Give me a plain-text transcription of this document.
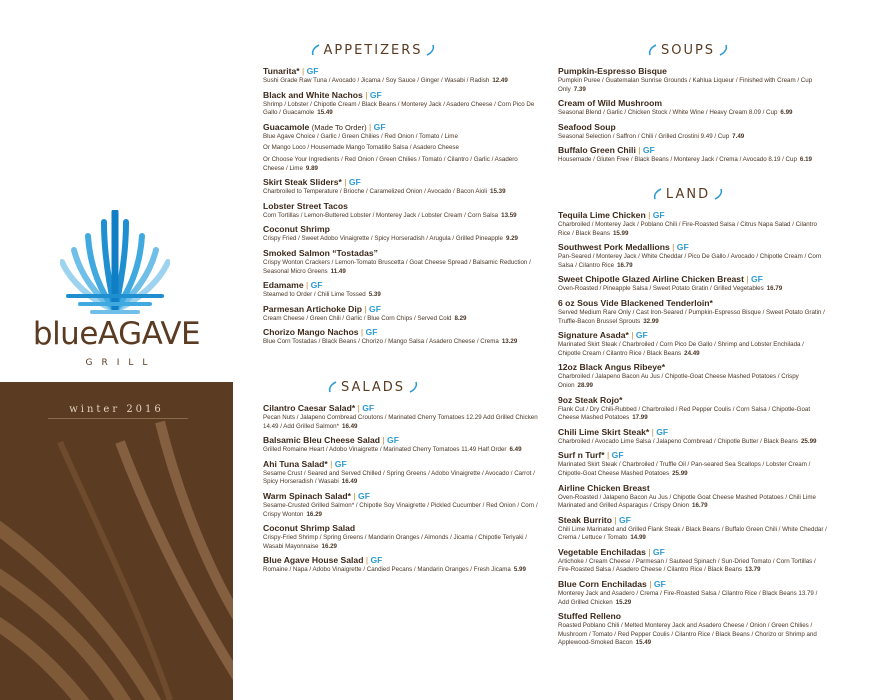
blueAGAVE
GRILL
winter 2016
APPETIZERS
Tunarita* | GF
Sushi Grade Raw Tuna / Avocado / Jicama / Soy Sauce / Ginger / Wasabi / Radish 12.49
Black and White Nachos | GF
Shrimp / Lobster / Chipotle Cream / Black Beans / Monterey Jack / Asadero Cheese / Corn Pico De Gallo / Guacamole 15.49
Guacamole (Made To Order) | GF
Blue Agave Choice / Garlic / Green Chilies / Red Onion / Tomato / Lime
Or Mango Loco / Housemade Mango Tomatillo Salsa / Asadero Cheese
Or Choose Your Ingredients / Red Onion / Green Chilies / Tomato / Cilantro / Garlic / Asadero Cheese / Lime 9.89
Skirt Steak Sliders* | GF
Charbroiled to Temperature / Brioche / Caramelized Onion / Avocado / Bacon Aioli 15.39
Lobster Street Tacos
Corn Tortillas / Lemon-Buttered Lobster / Monterey Jack / Lobster Cream / Corn Salsa 13.59
Coconut Shrimp
Crispy Fried / Sweet Adobo Vinaigrette / Spicy Horseradish / Arugula / Grilled Pineapple 9.29
Smoked Salmon “Tostadas”
Crispy Wonton Crackers / Lemon-Tomato Bruscetta / Goat Cheese Spread / Balsamic Reduction / Seasonal Micro Greens 11.49
Edamame | GF
Steamed to Order / Chili Lime Tossed 5.39
Parmesan Artichoke Dip | GF
Cream Cheese / Green Chili / Garlic / Blue Corn Chips / Served Cold 8.29
Chorizo Mango Nachos | GF
Blue Corn Tostadas / Black Beans / Chorizo / Mango Salsa / Asadero Cheese / Crema 13.29
SALADS
Cilantro Caesar Salad* | GF
Pecan Nuts / Jalapeno Cornbread Croutons / Marinated Cherry Tomatoes 12.29 Add Grilled Chicken 14.49 / Add Grilled Salmon* 16.49
Balsamic Bleu Cheese Salad | GF
Grilled Romaine Heart / Adobo Vinaigrette / Marinated Cherry Tomatoes 11.49 Half Order 6.49
Ahi Tuna Salad* | GF
Sesame Crust / Seared and Served Chilled / Spring Greens / Adobo Vinaigrette / Avocado / Carrot / Spicy Horseradish / Wasabi 16.49
Warm Spinach Salad* | GF
Sesame-Crusted Grilled Salmon* / Chipotle Soy Vinaigrette / Pickled Cucumber / Red Onion / Corn / Crispy Wonton 16.29
Coconut Shrimp Salad
Crispy-Fried Shrimp / Spring Greens / Mandarin Oranges / Almonds / Jicama / Chipotle Teriyaki / Wasabi Mayonnaise 16.29
Blue Agave House Salad | GF
Romaine / Napa / Adobo Vinaigrette / Candied Pecans / Mandarin Oranges / Fresh Jicama 5.99
SOUPS
Pumpkin-Espresso Bisque
Pumpkin Puree / Guatemalan Sunrise Grounds / Kahlua Liqueur / Finished with Cream / Cup Only 7.39
Cream of Wild Mushroom
Seasonal Blend / Garlic / Chicken Stock / White Wine / Heavy Cream 8.09 / Cup 6.99
Seafood Soup
Seasonal Selection / Saffron / Chili / Grilled Crostini 9.49 / Cup 7.49
Buffalo Green Chili | GF
Housemade / Gluten Free / Black Beans / Monterey Jack / Crema / Avocado 8.19 / Cup 6.19
LAND
Tequila Lime Chicken | GF
Charbroiled / Monterey Jack / Poblano Chili / Fire-Roasted Salsa / Citrus Napa Salad / Cilantro Rice / Black Beans 15.99
Southwest Pork Medallions | GF
Pan-Seared / Monterey Jack / White Cheddar / Pico De Gallo / Avocado / Chipotle Cream / Corn Salsa / Cilantro Rice 16.79
Sweet Chipotle Glazed Airline Chicken Breast | GF
Oven-Roasted / Pineapple Salsa / Sweet Potato Gratin / Grilled Vegetables 16.79
6 oz Sous Vide Blackened Tenderloin*
Served Medium Rare Only / Cast Iron-Seared / Pumpkin-Espresso Bisque / Sweet Potato Gratin / Truffle-Bacon Brussel Sprouts 32.99
Signature Asada* | GF
Marinated Skirt Steak / Charbroiled / Corn Pico De Gallo / Shrimp and Lobster Enchilada / Chipotle Cream / Cilantro Rice / Black Beans 24.49
12oz Black Angus Ribeye*
Charbroiled / Jalapeno Bacon Au Jus / Chipotle-Goat Cheese Mashed Potatoes / Crispy Onion 28.99
9oz Steak Rojo*
Flank Cut / Dry Chili-Rubbed / Charbroiled / Red Pepper Coulis / Corn Salsa / Chipotle-Goat Cheese Mashed Potatoes 17.99
Chili Lime Skirt Steak* | GF
Charbroiled / Avocado Lime Salsa / Jalapeno Cornbread / Chipotle Butter / Black Beans 25.99
Surf n Turf* | GF
Marinated Skirt Steak / Charbroiled / Truffle Oil / Pan-seared Sea Scallops / Lobster Cream / Chipotle-Goat Cheese Mashed Potatoes 25.99
Airline Chicken Breast
Oven-Roasted / Jalapeno Bacon Au Jus / Chipotle Goat Cheese Mashed Potatoes / Chili Lime Marinated and Grilled Asparagus / Crispy Onion 16.79
Steak Burrito | GF
Chili Lime Marinated and Grilled Flank Steak / Black Beans / Buffalo Green Chili / White Cheddar / Crema / Lettuce / Tomato 14.99
Vegetable Enchiladas | GF
Artichoke / Cream Cheese / Parmesan / Sauteed Spinach / Sun-Dried Tomato / Corn Tortillas / Fire-Roasted Salsa / Asadero Cheese / Cilantro Rice / Black Beans 13.79
Blue Corn Enchiladas | GF
Monterey Jack and Asadero / Crema / Fire-Roasted Salsa / Cilantro Rice / Black Beans 13.79 / Add Grilled Chicken 15.29
Stuffed Relleno
Roasted Poblano Chili / Melted Monterey Jack and Asadero Cheese / Onion / Green Chilies / Mushroom / Tomato / Red Pepper Coulis / Cilantro Rice / Black Beans / Chorizo or Shrimp and Applewood-Smoked Bacon 15.49
